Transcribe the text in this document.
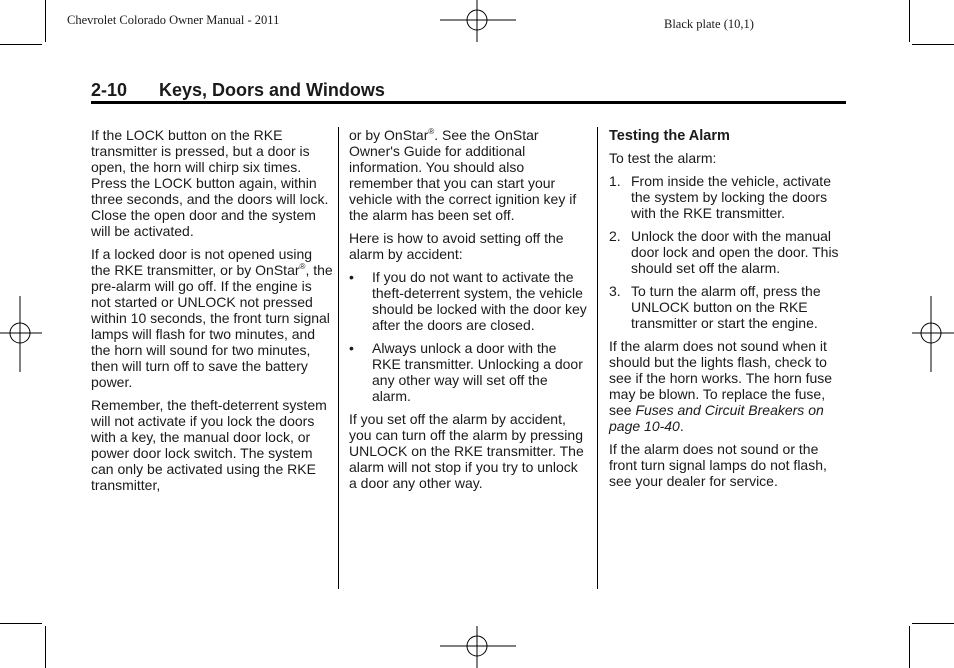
Chevrolet Colorado Owner Manual - 2011	Black plate (10,1)
2-10 Keys, Doors and Windows

If the LOCK button on the RKE transmitter is pressed, but a door is open, the horn will chirp six times. Press the LOCK button again, within three seconds, and the doors will lock. Close the open door and the system will be activated.

If a locked door is not opened using the RKE transmitter, or by OnStar®, the pre-alarm will go off. If the engine is not started or UNLOCK not pressed within 10 seconds, the front turn signal lamps will flash for two minutes, and the horn will sound for two minutes, then will turn off to save the battery power.

Remember, the theft-deterrent system will not activate if you lock the doors with a key, the manual door lock, or power door lock switch. The system can only be activated using the RKE transmitter,

or by OnStar®. See the OnStar Owner's Guide for additional information. You should also remember that you can start your vehicle with the correct ignition key if the alarm has been set off.

Here is how to avoid setting off the alarm by accident:

•	If you do not want to activate the theft-deterrent system, the vehicle should be locked with the door key after the doors are closed.
•	Always unlock a door with the RKE transmitter. Unlocking a door any other way will set off the alarm.

If you set off the alarm by accident, you can turn off the alarm by pressing UNLOCK on the RKE transmitter. The alarm will not stop if you try to unlock a door any other way.

Testing the Alarm

To test the alarm:

1. From inside the vehicle, activate the system by locking the doors with the RKE transmitter.
2. Unlock the door with the manual door lock and open the door. This should set off the alarm.
3. To turn the alarm off, press the UNLOCK button on the RKE transmitter or start the engine.

If the alarm does not sound when it should but the lights flash, check to see if the horn works. The horn fuse may be blown. To replace the fuse, see Fuses and Circuit Breakers on page 10-40.

If the alarm does not sound or the front turn signal lamps do not flash, see your dealer for service.
